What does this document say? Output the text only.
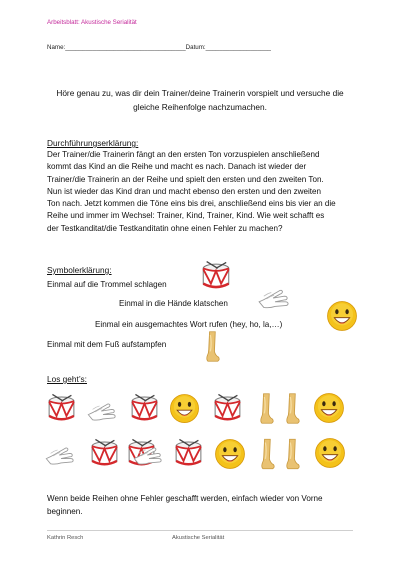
Arbeitsblatt: Akustische Serialität
Name:___________________________________Datum:___________________
Höre genau zu, was dir dein Trainer/deine Trainerin vorspielt und versuche die gleiche Reihenfolge nachzumachen.
Durchführungserklärung:

Der Trainer/die Trainerin fängt an den ersten Ton vorzuspielen anschließend

kommt das Kind an die Reihe und macht es nach. Danach ist wieder der

Trainer/die Trainerin an der Reihe und spielt den ersten und den zweiten Ton.

Nun ist wieder das Kind dran und macht ebenso den ersten und den zweiten

Ton nach. Jetzt kommen die Töne eins bis drei, anschließend eins bis vier an die

Reihe und immer im Wechsel: Trainer, Kind, Trainer, Kind. Wie weit schafft es

der Testkanditat/die Testkanditatin ohne einen Fehler zu machen?

Symbolerklärung:
Einmal auf die Trommel schlagen
Einmal in die Hände klatschen
Einmal ein ausgemachtes Wort rufen (hey, ho, la,…)
Einmal mit dem Fuß aufstampfen
Los geht’s:
Wenn beide Reihen ohne Fehler geschafft werden, einfach wieder von Vorne beginnen.
Kathrin Resch	Akustische Serialität
